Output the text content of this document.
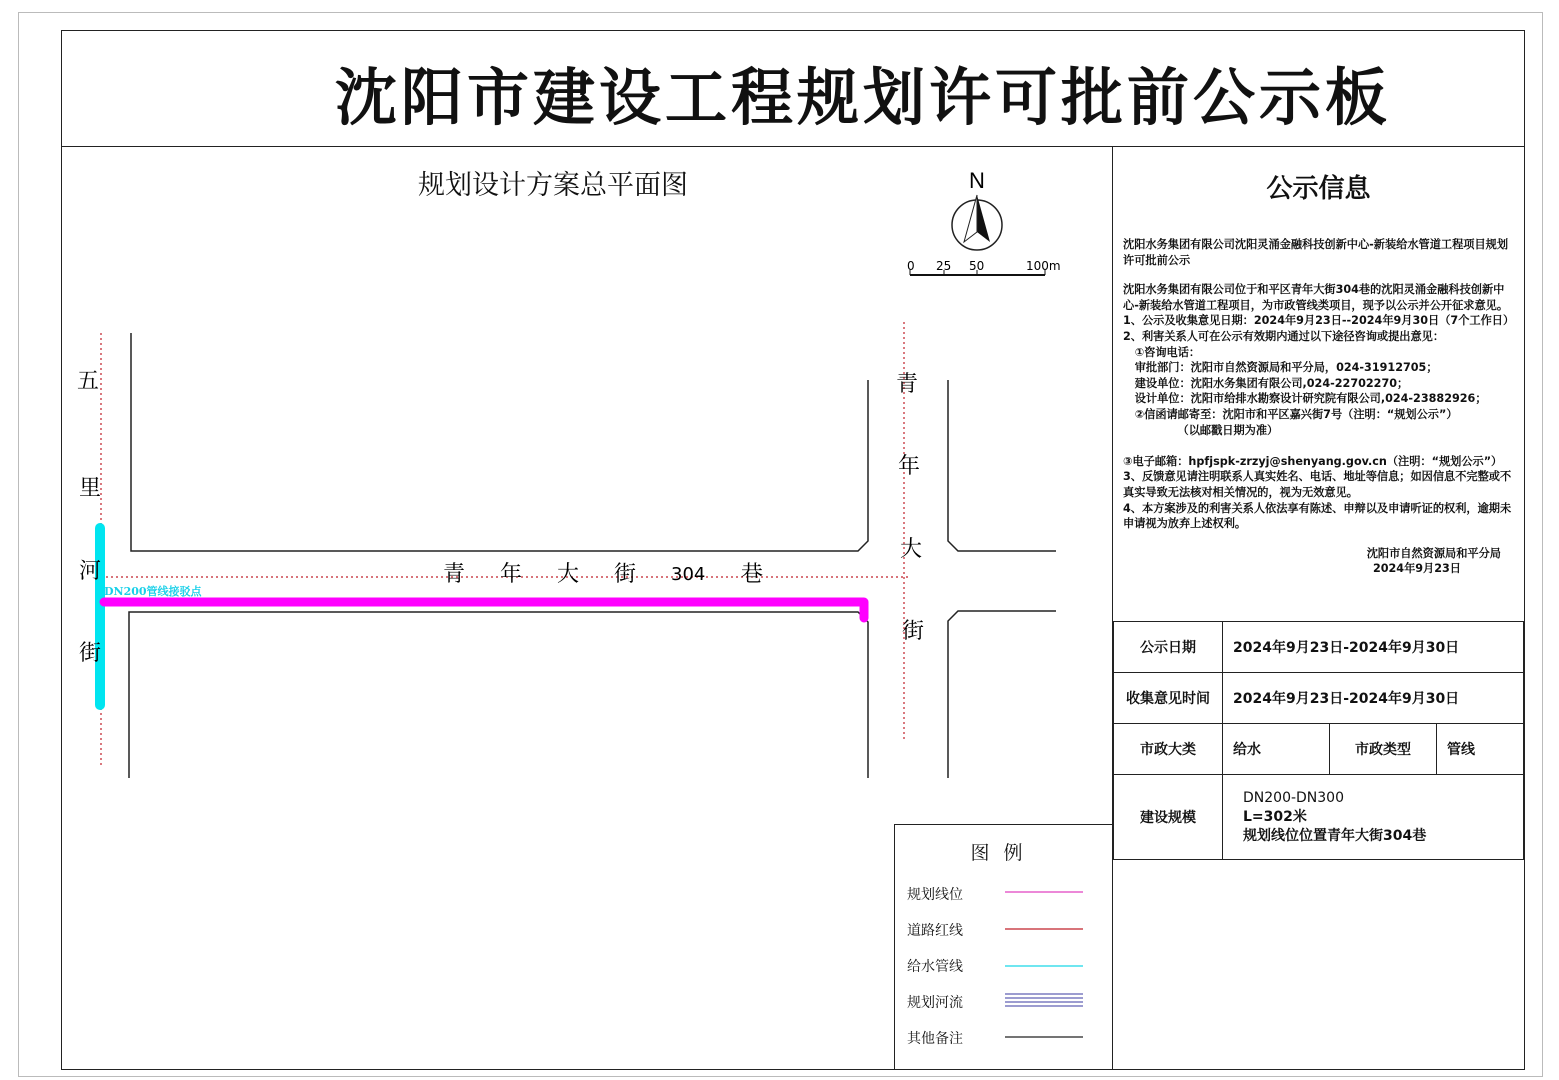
沈阳市建设工程规划许可批前公示板
规划设计方案总平面图	N
0 25 50	100m
五
里
河
街
青
年
大
街
青 年 大 街 304 巷
DN200管线接驳点
图例
规划线位
道路红线
给水管线
规划河流
其他备注
公示信息

沈阳水务集团有限公司沈阳灵涌金融科技创新中心-新装给水管道工程项目规划许可批前公示

沈阳水务集团有限公司位于和平区青年大街304巷的沈阳灵涌金融科技创新中心-新装给水管道工程项目，为市政管线类项目，现予以公示并公开征求意见。

1、公示及收集意见日期：2024年9月23日--2024年9月30日（7个工作日）

2、利害关系人可在公示有效期内通过以下途径咨询或提出意见：

①咨询电话：

审批部门：沈阳市自然资源局和平分局，024-31912705；

建设单位：沈阳水务集团有限公司,024-22702270；

设计单位：沈阳市给排水勘察设计研究院有限公司,024-23882926；

②信函请邮寄至：沈阳市和平区嘉兴街7号（注明：“规划公示”）

（以邮戳日期为准）

③电子邮箱：hpfjspk-zrzyj@shenyang.gov.cn（注明：“规划公示”）

3、反馈意见请注明联系人真实姓名、电话、地址等信息；如因信息不完整或不真实导致无法核对相关情况的，视为无效意见。

4、本方案涉及的利害关系人依法享有陈述、申辩以及申请听证的权利，逾期未申请视为放弃上述权利。

沈阳市自然资源局和平分局

2024年9月23日

公示日期	2024年9月23日-2024年9月30日		
收集意见时间	2024年9月23日-2024年9月30日		
市政大类	给水	市政类型	管线
建设规模	DN200-DN300
L=302米
规划线位位置青年大街304巷		
